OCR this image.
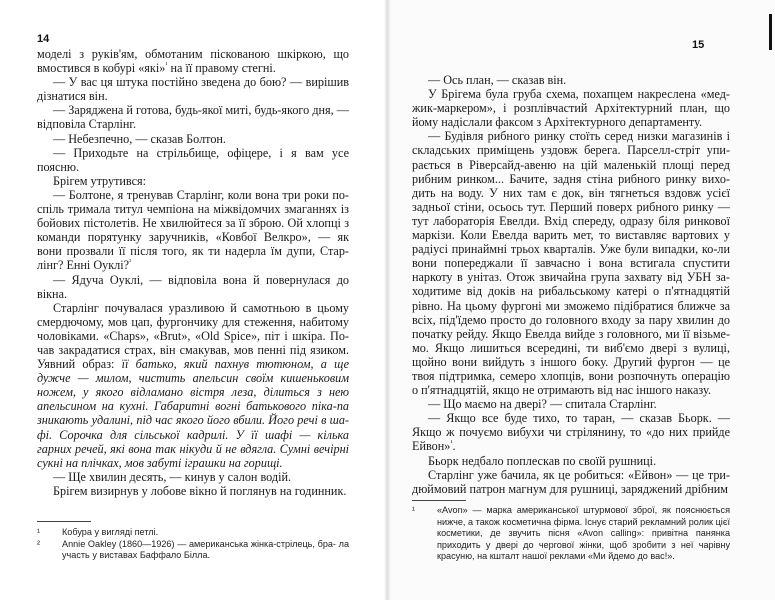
14	15

моделі з руків'ям, обмотаним піскованою шкіркою, що вмостився в кобурі «які»$^{^1}$ на її правому стегні.

— У вас ця штука постійно зведена до бою? — вирішив дізнатися він.

— Заряджена й готова, будь-якої миті, будь-якого дня, — відповіла Старлінг.

— Небезпечно, — сказав Болтон.

— Приходьте на стрільбище, офіцере, і я вам усе поясню.

Брігем утрутився:

— Болтоне, я тренував Старлінг, коли вона три роки по-спіль тримала титул чемпіона на міжвідомчих змаганнях із бойових пістолетів. Не хвилюйтеся за її зброю. Ой хлопці з команди порятунку заручників, «Ковбої Велкро», — як вони прозвали її після того, як ти надерла їм дупи, Стар-лінг? Енні Оуклі?$^{^2}$

— Ядуча Оуклі, — відповіла вона й повернулася до вікна.

Старлінг почувалася уразливою й самотньою в цьому смердючому, мов цап, фургончику для стеження, набитому чоловіками. «Chaps», «Brut», «Old Spice», піт і шкіра. По-чав закрадатися страх, він смакував, мов пенні під язиком. Уявний образ: її батько, який пахнув тютюном, а ще дужче — милом, чистить апельсин своїм кишеньковим ножем, у якого відламано вістря леза, ділиться з нею апельсином на кухні. Габаритні вогні батькового піка-па зникають удалині, під час якого його вбили. Його речі в ша-фі. Сорочка для сільської кадрилі. У її шафі — кілька гарних речей, які вона так нікуди й не вдягла. Сумні вечірні сукні на плічках, мов забуті іграшки на горищі.

— Ще хвилин десять, — кинув у салон водій.

Брігем визирнув у лобове вікно й поглянув на годинник.

¹	Кобура у вигляді петлі.

²	Annie Oakley (1860—1926) — американська жінка-стрілець, бра- ла участь у виставах Баффало Білла.

— Ось план, — сказав він.

У Брігема була груба схема, похапцем накреслена «мед-жик-маркером», і розплівчастий Архітектурний план, що йому надіслали факсом з Архітектурного департаменту.

— Будівля рибного ринку стоїть серед низки магазинів і складських приміщень уздовж берега. Парселл-стріт упи-рається в Ріверсайд-авеню на цій маленькій площі перед рибним ринком... Бачите, задня стіна рибного ринку вихо-дить на воду. У них там є док, він тягнеться вздовж усієї задньої стіни, осьось тут. Перший поверх рибного ринку — тут лабораторія Евелди. Вхід спереду, одразу біля ринкової маркізи. Коли Евелда варить мет, то виставляє вартових у радіусі принаймні трьох кварталів. Уже були випадки, ко-ли вони попереджали її завчасно і вона встигала спустити наркоту в унітаз. Отож звичайна група захвату від УБН за-ходитиме від доків на рибальському катері о п'ятнадцятій рівно. На цьому фургоні ми зможемо підібратися ближче за всіх, під'їдемо просто до головного входу за пару хвилин до початку рейду. Якщо Евелда вийде з головного, ми її візьме-мо. Якщо лишиться всередині, ти виб'ємо двері з вулиці, щойно вони вийдуть з іншого боку. Другий фургон — це твоя підтримка, семеро хлопців, вони розпочнуть операцію о п'ятнадцятій, якщо не отримають від нас іншого наказу.

— Що маємо на двері? — спитала Старлінг.

— Якщо все буде тихо, то таран, — сказав Бьорк. — Якщо ж почуємо вибухи чи стрілянину, то «до них прийде Ейвон»$^{^1}$.

Бьорк недбало поплескав по своїй рушниці.

Старлінг уже бачила, як це робиться: «Ейвон» — це три-дюймовий патрон магнум для рушниці, заряджений дрібним

¹	«Avon» — марка американської штурмової зброї, як пояснюється нижче, а також косметична фірма. Існує старий рекламний ролик цієї косметики, де звучить пісня «Avon calling»: привітна панянка приходить у двері до чергової жінки, щоб зробити з неї чарівну красуню, на кшталт нашої реклами «Ми йдемо до вас!».
